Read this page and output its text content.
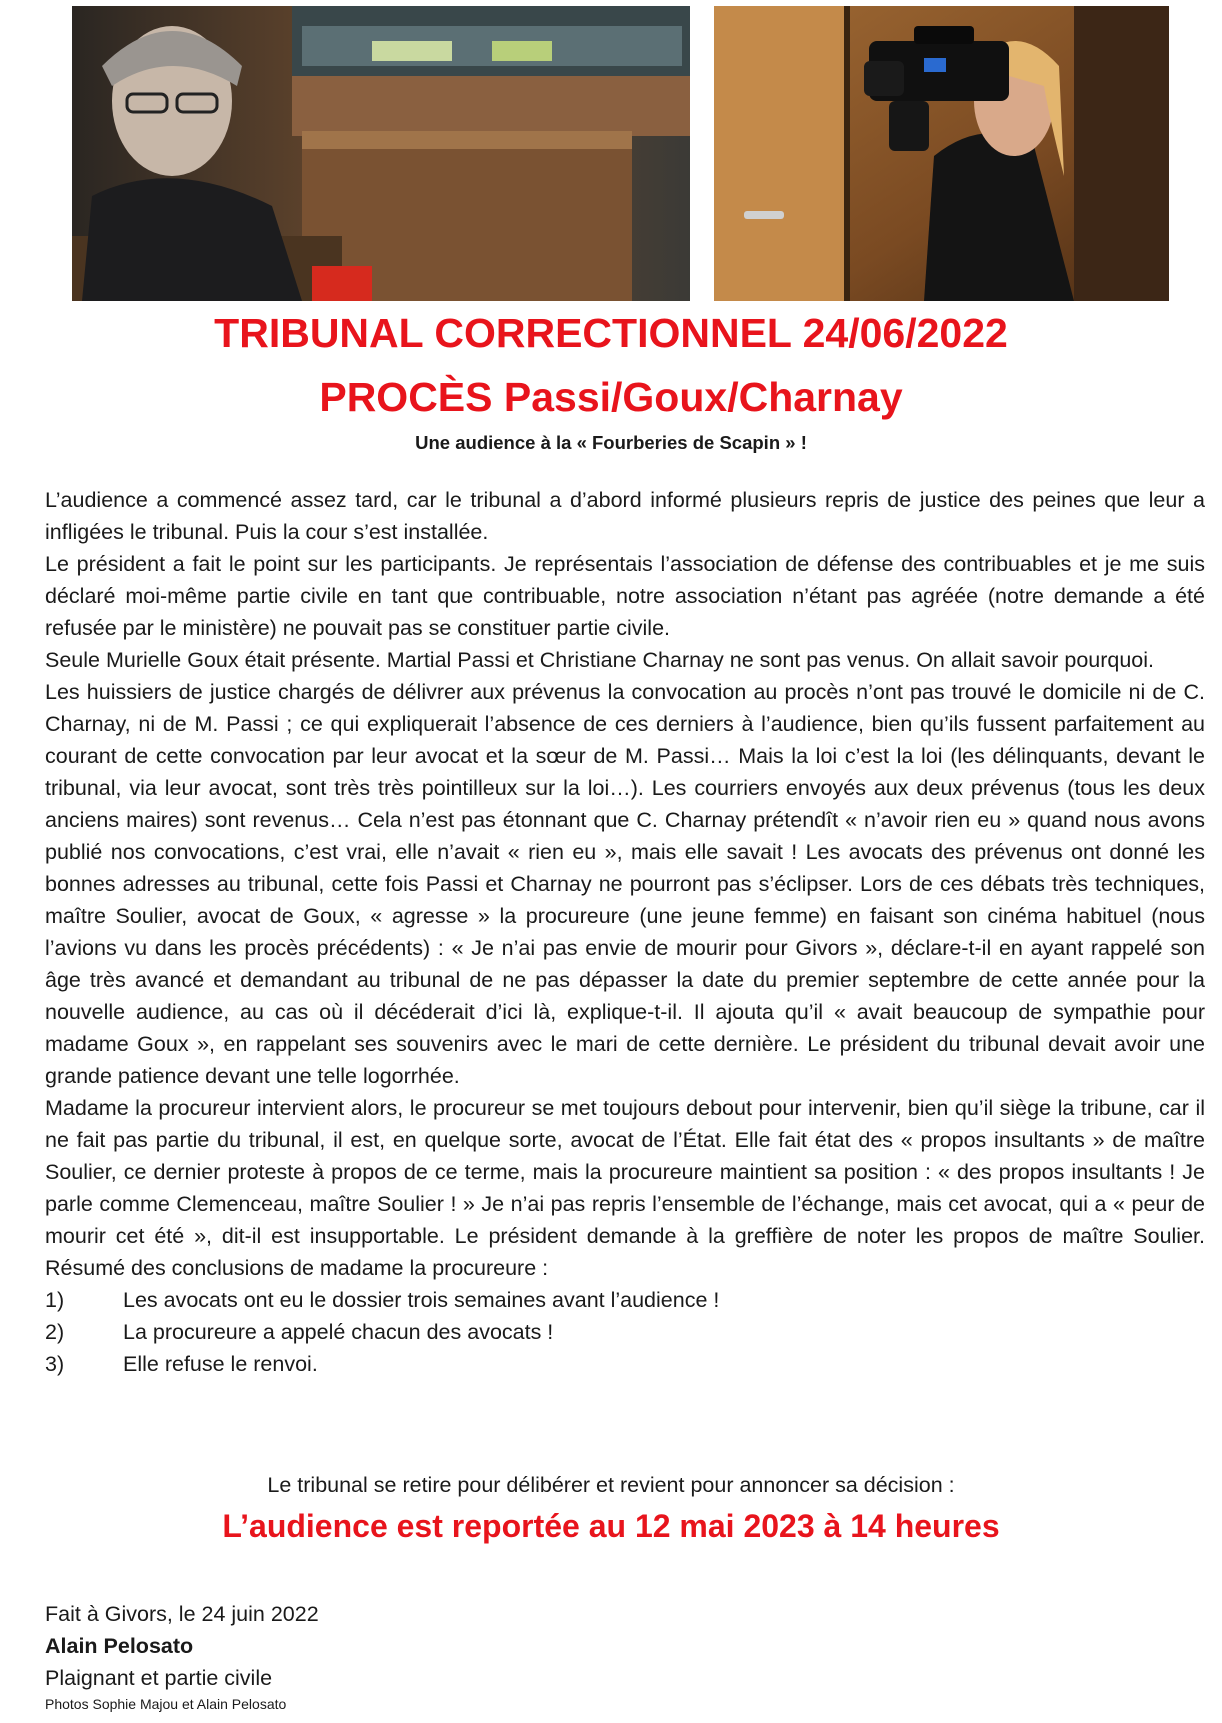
TRIBUNAL CORRECTIONNEL 24/06/2022
PROCÈS Passi/Goux/Charnay
Une audience à la « Fourberies de Scapin » !

L’audience a commencé assez tard, car le tribunal a d’abord informé plusieurs repris de justice des peines que leur a infligées le tribunal. Puis la cour s’est installée.

Le président a fait le point sur les participants. Je représentais l’association de défense des contribuables et je me suis déclaré moi-même partie civile en tant que contribuable, notre association n’étant pas agréée (notre demande a été refusée par le ministère) ne pouvait pas se constituer partie civile.

Seule Murielle Goux était présente. Martial Passi et Christiane Charnay ne sont pas venus. On allait savoir pourquoi.

Les huissiers de justice chargés de délivrer aux prévenus la convocation au procès n’ont pas trouvé le domicile ni de C. Charnay, ni de M. Passi ; ce qui expliquerait l’absence de ces derniers à l’audience, bien qu’ils fussent parfaitement au courant de cette convocation par leur avocat et la sœur de M. Passi… Mais la loi c’est la loi (les délinquants, devant le tribunal, via leur avocat, sont très très pointilleux sur la loi…). Les courriers envoyés aux deux prévenus (tous les deux anciens maires) sont revenus… Cela n’est pas étonnant que C. Charnay prétendît « n’avoir rien eu » quand nous avons publié nos convocations, c’est vrai, elle n’avait « rien eu », mais elle savait ! Les avocats des prévenus ont donné les bonnes adresses au tribunal, cette fois Passi et Charnay ne pourront pas s’éclipser. Lors de ces débats très techniques, maître Soulier, avocat de Goux, « agresse » la procureure (une jeune femme) en faisant son cinéma habituel (nous l’avions vu dans les procès précédents) : « Je n’ai pas envie de mourir pour Givors », déclare-t-il en ayant rappelé son âge très avancé et demandant au tribunal de ne pas dépasser la date du premier septembre de cette année pour la nouvelle audience, au cas où il décéderait d’ici là, explique-t-il. Il ajouta qu’il « avait beaucoup de sympathie pour madame Goux », en rappelant ses souvenirs avec le mari de cette dernière. Le président du tribunal devait avoir une grande patience devant une telle logorrhée.

Madame la procureur intervient alors, le procureur se met toujours debout pour intervenir, bien qu’il siège la tribune, car il ne fait pas partie du tribunal, il est, en quelque sorte, avocat de l’État. Elle fait état des « propos insultants » de maître Soulier, ce dernier proteste à propos de ce terme, mais la procureure maintient sa position : « des propos insultants ! Je parle comme Clemenceau, maître Soulier ! » Je n’ai pas repris l’ensemble de l’échange, mais cet avocat, qui a « peur de mourir cet été », dit-il est insupportable. Le président demande à la greffière de noter les propos de maître Soulier. Résumé des conclusions de madame la procureure :

1)	Les avocats ont eu le dossier trois semaines avant l’audience !
2)	La procureure a appelé chacun des avocats !
3)	Elle refuse le renvoi.
Le tribunal se retire pour délibérer et revient pour annoncer sa décision :
L’audience est reportée au 12 mai 2023 à 14 heures
Fait à Givors, le 24 juin 2022
Alain Pelosato
Plaignant et partie civile
Photos Sophie Majou et Alain Pelosato
